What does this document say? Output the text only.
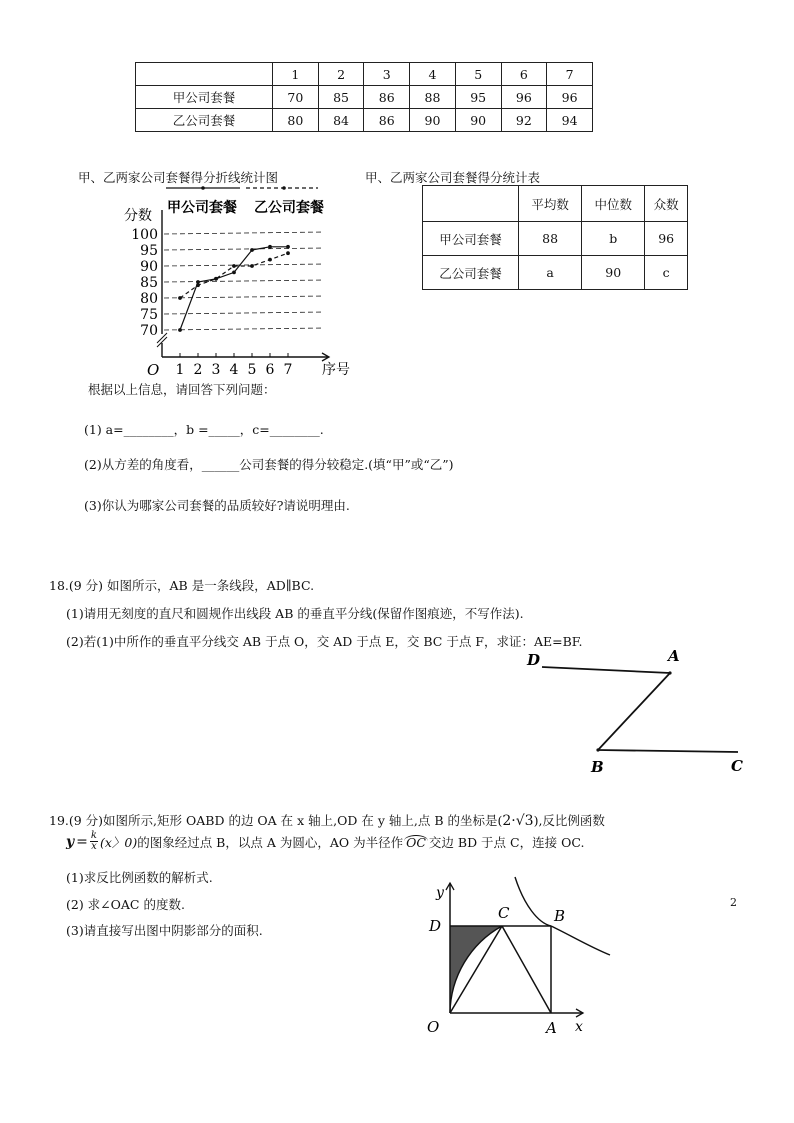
	1	2	3	4	5	6	7
甲公司套餐	70	85	86	88	95	96	96
乙公司套餐	80	84	86	90	90	92	94
甲、乙两家公司套餐得分折线统计图
甲公司套餐 乙公司套餐
分数
序号
O
70
75
80
85
90
95
100
1 2 3 4 5 6 7
甲、乙两家公司套餐得分统计表
	平均数	中位数	众数
甲公司套餐	88	b	96
乙公司套餐	a	90	c
根据以上信息，请回答下列问题：
(1) a=________，b =_____，c=________.
(2)从方差的角度看，______公司套餐的得分较稳定.(填“甲”或“乙”)
(3)你认为哪家公司套餐的品质较好?请说明理由.
18.(9 分) 如图所示，AB 是一条线段，AD∥BC.
(1)请用无刻度的直尺和圆规作出线段 AB 的垂直平分线(保留作图痕迹，不写作法).
(2)若(1)中所作的垂直平分线交 AB 于点 O，交 AD 于点 E，交 BC 于点 F，求证：AE=BF.
D	A
B	C
19.(9 分)如图所示,矩形 OABD 的边 OA 在 x 轴上,OD 在 y 轴上,点 B 的坐标是(2·√3),反比例函数
$y = \frac{k}{x} (x$〉0) 的图象经过点 B，以点 A 为圆心，AO 为半径作 OC 交边 BD 于点 C，连接 OC.
(1)求反比例函数的解析式.
(2) 求∠OAC 的度数.
(3)请直接写出图中阴影部分的面积.
y
x
O	A
B
C
D
2
